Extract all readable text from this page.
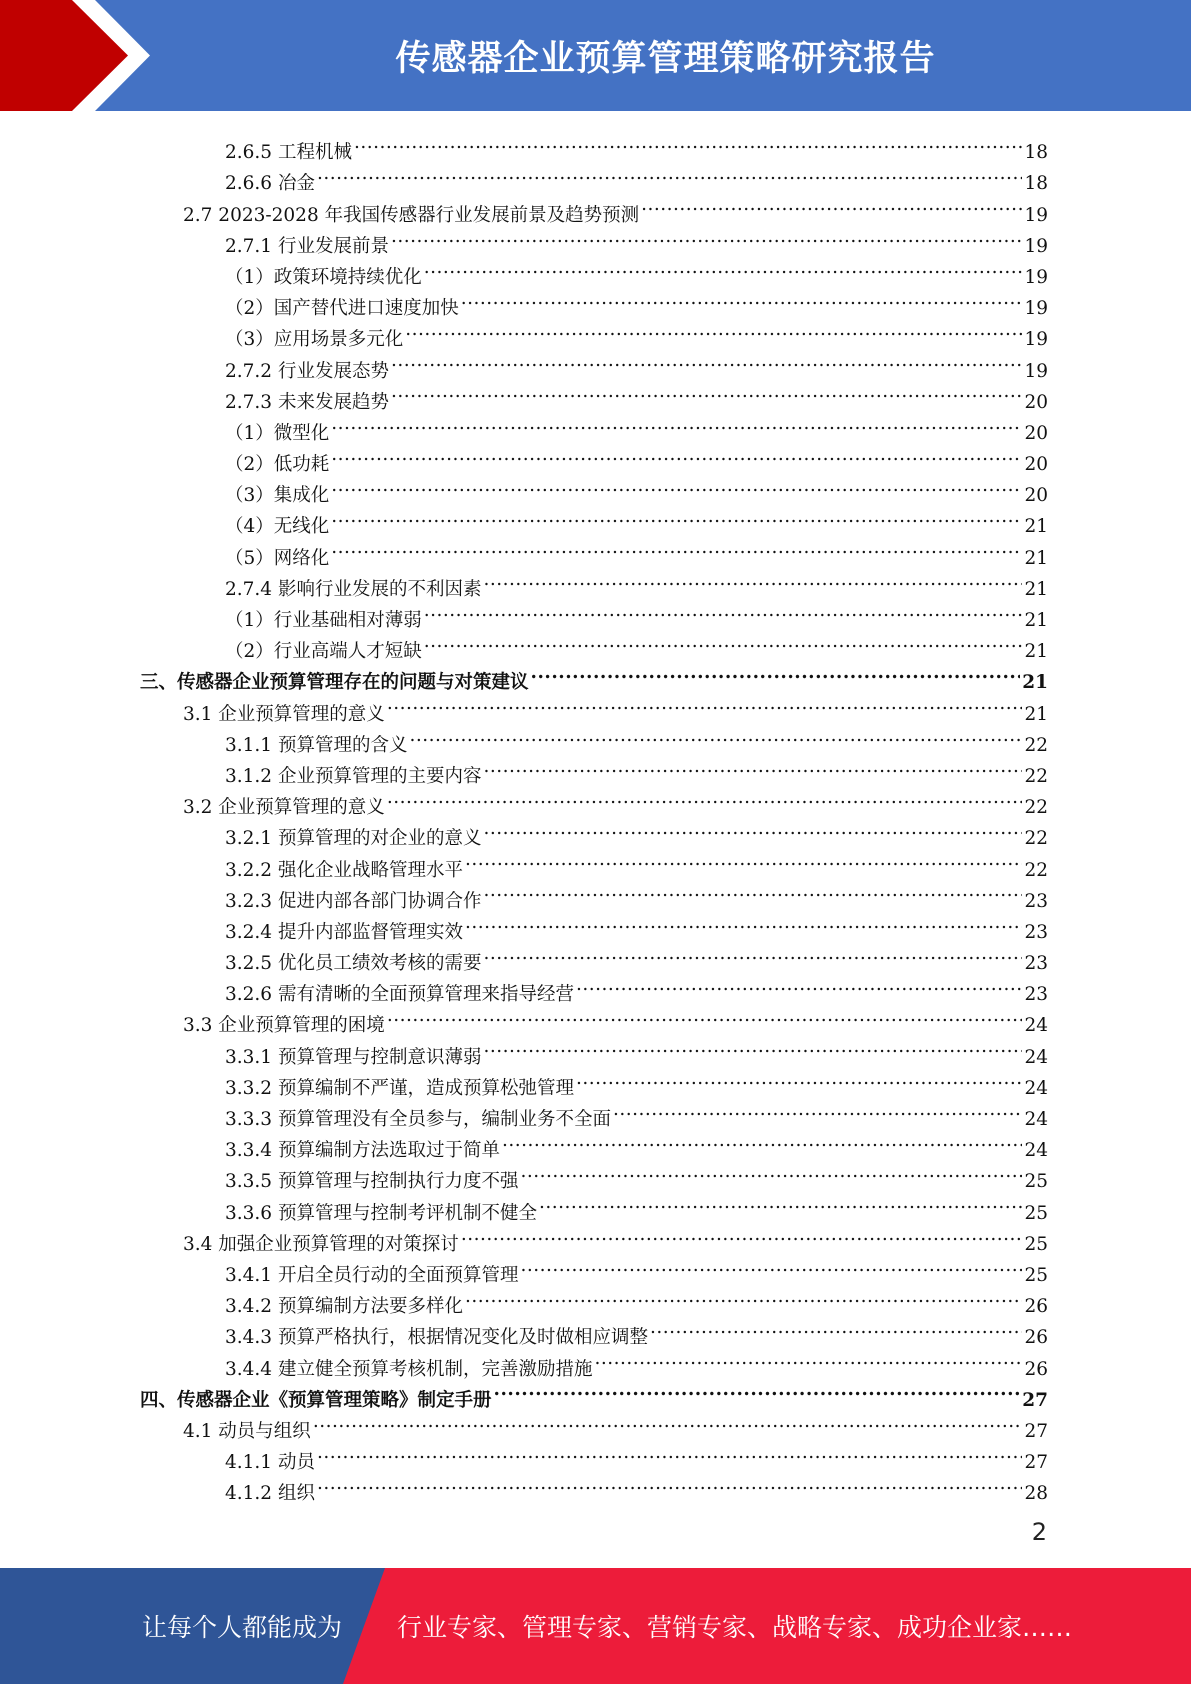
传感器企业预算管理策略研究报告
2.6.5 工程机械 .....	18
2.6.6 冶金 .....	18
2.7 2023-2028 年我国传感器行业发展前景及趋势预测 .....	19
2.7.1 行业发展前景 .....	19
（1）政策环境持续优化 .....	19
（2）国产替代进口速度加快 .....	19
（3）应用场景多元化 .....	19
2.7.2 行业发展态势 .....	19
2.7.3 未来发展趋势 .....	20
（1）微型化 .....	20
（2）低功耗 .....	20
（3）集成化 .....	20
（4）无线化 .....	21
（5）网络化 .....	21
2.7.4 影响行业发展的不利因素 .....	21
（1）行业基础相对薄弱 .....	21
（2）行业高端人才短缺 .....	21
三、传感器企业预算管理存在的问题与对策建议 .....	21
3.1 企业预算管理的意义 .....	21
3.1.1 预算管理的含义 .....	22
3.1.2 企业预算管理的主要内容 .....	22
3.2 企业预算管理的意义 .....	22
3.2.1 预算管理的对企业的意义 .....	22
3.2.2 强化企业战略管理水平 .....	22
3.2.3 促进内部各部门协调合作 .....	23
3.2.4 提升内部监督管理实效 .....	23
3.2.5 优化员工绩效考核的需要 .....	23
3.2.6 需有清晰的全面预算管理来指导经营 .....	23
3.3 企业预算管理的困境 .....	24
3.3.1 预算管理与控制意识薄弱 .....	24
3.3.2 预算编制不严谨，造成预算松弛管理 .....	24
3.3.3 预算管理没有全员参与，编制业务不全面 .....	24
3.3.4 预算编制方法选取过于简单 .....	24
3.3.5 预算管理与控制执行力度不强 .....	25
3.3.6 预算管理与控制考评机制不健全 .....	25
3.4 加强企业预算管理的对策探讨 .....	25
3.4.1 开启全员行动的全面预算管理 .....	25
3.4.2 预算编制方法要多样化 .....	26
3.4.3 预算严格执行，根据情况变化及时做相应调整 .....	26
3.4.4 建立健全预算考核机制，完善激励措施 .....	26
四、传感器企业《预算管理策略》制定手册 .....	27
4.1 动员与组织 .....	27
4.1.1 动员 .....	27
4.1.2 组织 .....	28
2
让每个人都能成为 行业专家、管理专家、营销专家、战略专家、成功企业家……
